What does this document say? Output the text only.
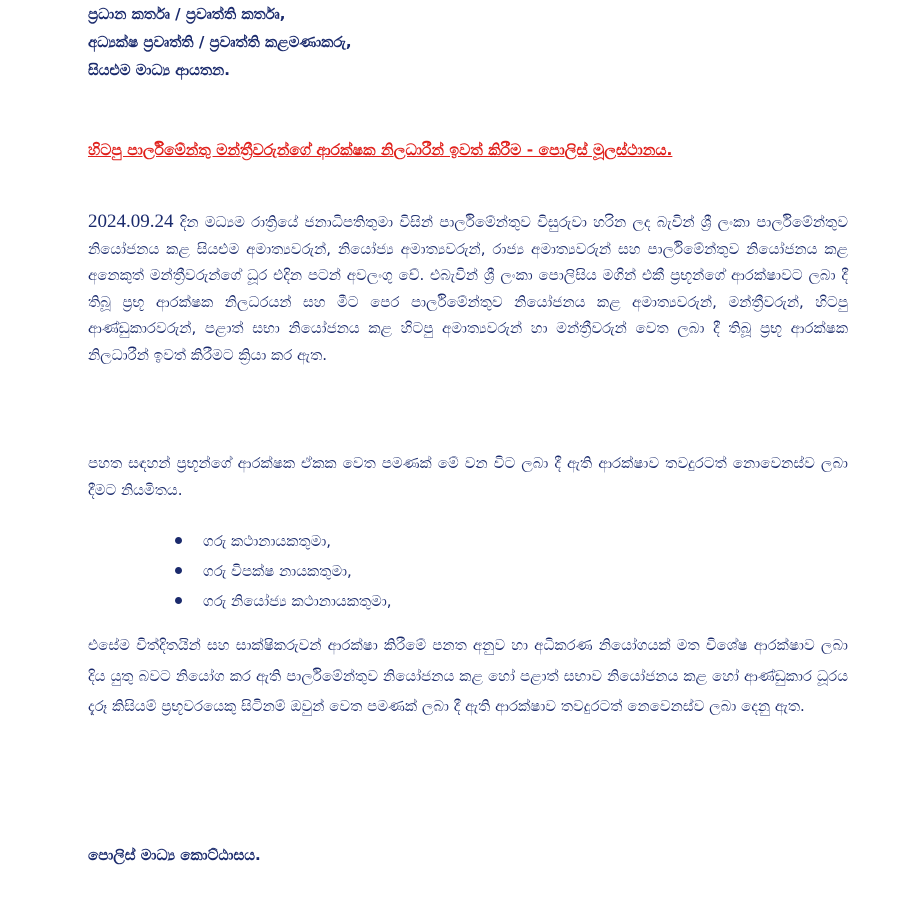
ප්‍රධාන කර්තෘ / ප්‍රවෘත්ති කර්තෘ,
අධ්‍යක්ෂ ප්‍රවෘත්ති / ප්‍රවෘත්ති කළමණාකරු,
සියළුම මාධ්‍ය ආයතන.
හිටපු පාර්ලිමේන්තු මන්ත්‍රීවරුන්ගේ ආරක්ෂක නිලධාරීන් ඉවත් කිරීම - පොලිස් මූලස්ථානය.
2024.09.24 දින මධ්‍යම රාත්‍රියේ ජනාධිපතිතුමා විසින් පාර්ලිමේන්තුව විසුරුවා හරින ලද බැවින් ශ්‍රී ලංකා පාර්ලිමේන්තුව නියෝජනය කළ සියළුම අමාත්‍යවරුන්, නියෝජ්‍ය අමාත්‍යවරුන්, රාජ්‍ය අමාත්‍යවරුන් සහ පාර්ලිමේන්තුව නියෝජනය කළ අනෙකුත් මන්ත්‍රීවරුන්ගේ ධූර එදින පටන් අවලංගු වේ. එබැවින් ශ්‍රී ලංකා පොලිසිය මගින් එකී ප්‍රභූන්ගේ ආරක්ෂාවට ලබා දී තිබූ ප්‍රභූ ආරක්ෂක නිලධරයන් සහ මීට පෙර පාර්ලිමේන්තුව නියෝජනය කළ අමාත්‍යවරුන්, මන්ත්‍රීවරුන්, හිටපු ආණ්ඩුකාරවරුන්, පළාත් සභා නියෝජනය කළ හිටපු අමාත්‍යවරුන් හා මන්ත්‍රීවරුන් වෙත ලබා දී තිබූ ප්‍රභූ ආරක්ෂක නිලධාරීන් ඉවත් කිරීමට ක්‍රියා කර ඇත.
පහත සඳහන් ප්‍රභූන්ගේ ආරක්ෂක ඒකක වෙත පමණක් මේ වන විට ලබා දී ඇති ආරක්ෂාව තවදුරටත් නොවෙනස්ව ලබා දීමට නියමිතය.
ගරු කථානායකතුමා,
ගරු විපක්ෂ නායකතුමා,
ගරු නියෝජ්‍ය කථානායකතුමා,
එසේම විත්දිතයින් සහ සාක්ෂිකරුවන් ආරක්ෂා කිරීමේ පනත අනුව හා අධිකරණ නියෝගයක් මත විශේෂ ආරක්ෂාව ලබා දිය යුතු බවට නියෝග කර ඇති පාර්ලිමේන්තුව නියෝජනය කළ හෝ පළාත් සභාව නියෝජනය කළ හෝ ආණ්ඩුකාර ධූරය දැරූ කිසියම් ප්‍රභූවරයෙකු සිටිනම් ඔවුන් වෙත පමණක් ලබා දී ඇති ආරක්ෂාව තවදුරටත් නෙවෙනස්ව ලබා දෙනු ඇත.
පොලිස් මාධ්‍ය කොට්ඨාසය.
